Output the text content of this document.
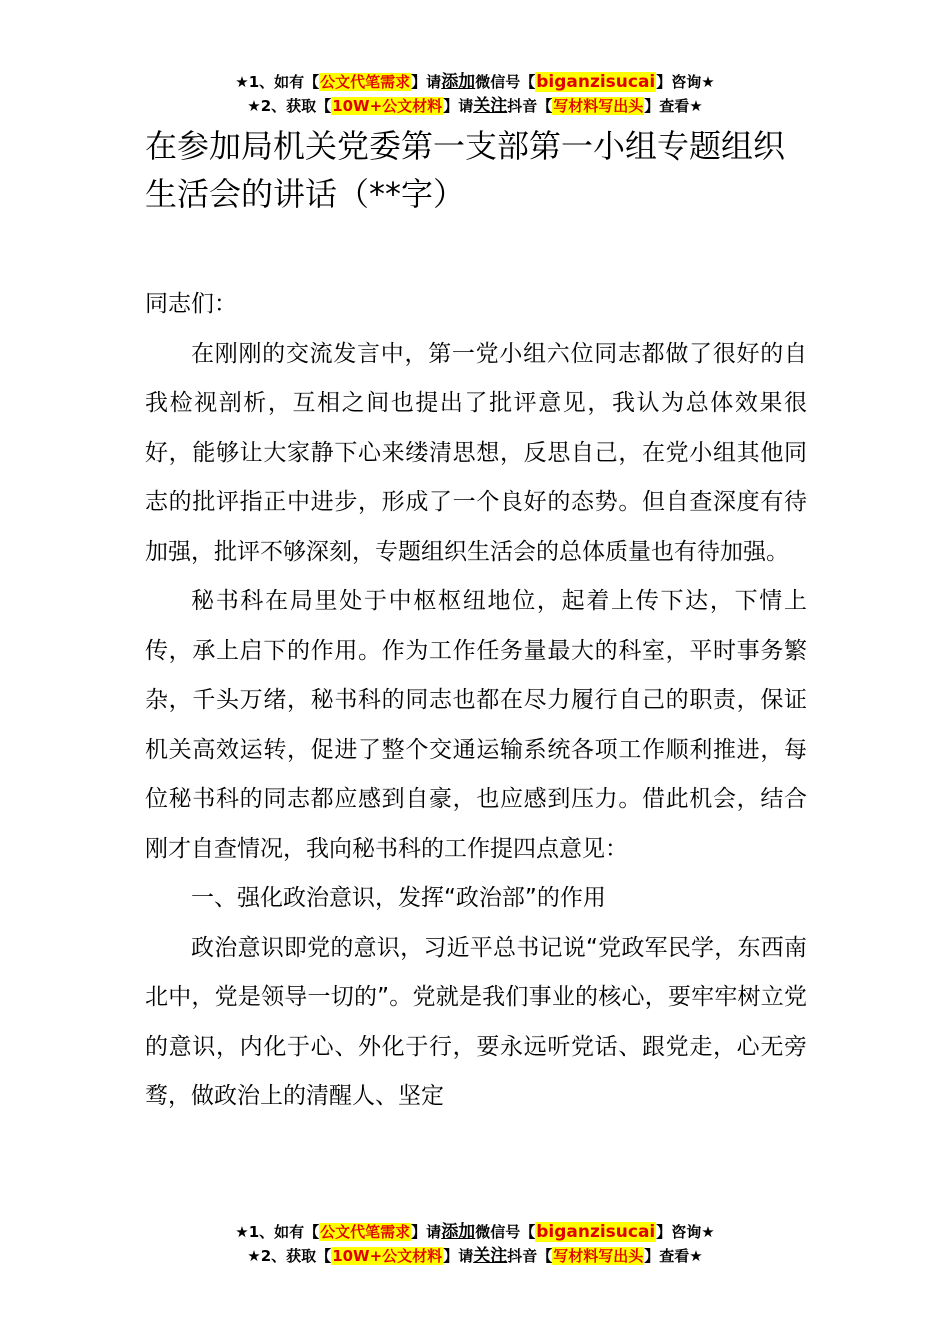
★1、如有【公文代笔需求】请添加微信号【biganzisucai】咨询★
★2、获取【10W+公文材料】请关注抖音【写材料写出头】查看★
在参加局机关党委第一支部第一小组专题组织生活会的讲话（**字）

同志们：

在刚刚的交流发言中，第一党小组六位同志都做了很好的自我检视剖析，互相之间也提出了批评意见，我认为总体效果很好，能够让大家静下心来缕清思想，反思自己，在党小组其他同志的批评指正中进步，形成了一个良好的态势。但自查深度有待加强，批评不够深刻，专题组织生活会的总体质量也有待加强。

秘书科在局里处于中枢枢纽地位，起着上传下达，下情上传，承上启下的作用。作为工作任务量最大的科室，平时事务繁杂，千头万绪，秘书科的同志也都在尽力履行自己的职责，保证机关高效运转，促进了整个交通运输系统各项工作顺利推进，每位秘书科的同志都应感到自豪，也应感到压力。借此机会，结合刚才自查情况，我向秘书科的工作提四点意见：

一、强化政治意识，发挥“政治部”的作用

政治意识即党的意识，习近平总书记说“党政军民学，东西南北中，党是领导一切的”。党就是我们事业的核心，要牢牢树立党的意识，内化于心、外化于行，要永远听党话、跟党走，心无旁骛，做政治上的清醒人、坚定

★1、如有【公文代笔需求】请添加微信号【biganzisucai】咨询★
★2、获取【10W+公文材料】请关注抖音【写材料写出头】查看★
